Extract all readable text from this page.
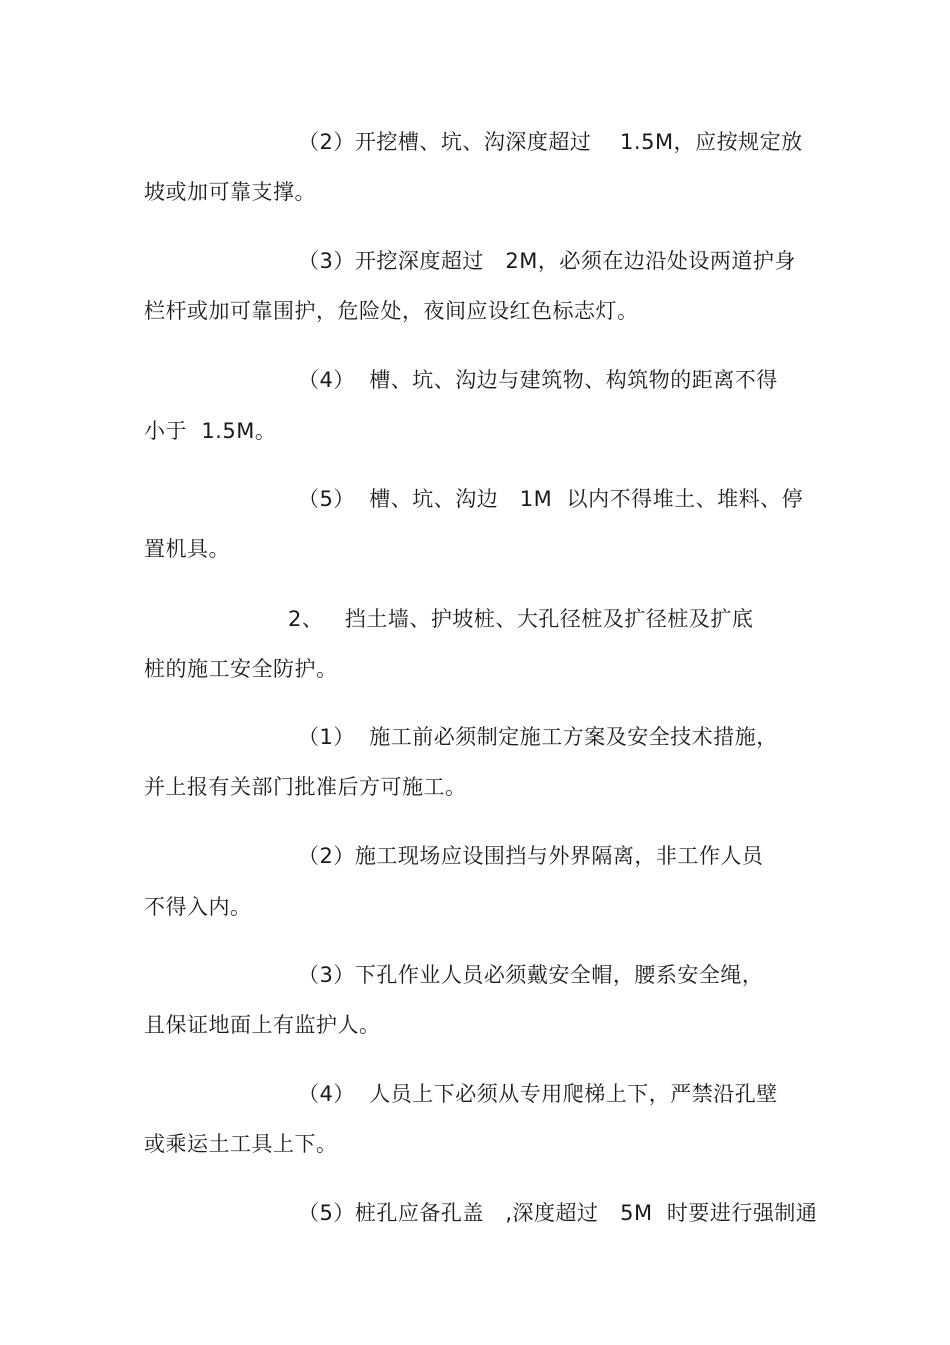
（2）开挖槽、坑、沟深度超过    1.5M，应按规定放
坡或加可靠支撑。
（3）开挖深度超过   2M，必须在边沿处设两道护身
栏杆或加可靠围护，危险处，夜间应设红色标志灯。
（4）  槽、坑、沟边与建筑物、构筑物的距离不得
小于  1.5M。
（5）  槽、坑、沟边   1M  以内不得堆土、堆料、停
置机具。
2、   挡土墙、护坡桩、大孔径桩及扩径桩及扩底
桩的施工安全防护。
（1）  施工前必须制定施工方案及安全技术措施，
并上报有关部门批准后方可施工。
（2）施工现场应设围挡与外界隔离，非工作人员
不得入内。
（3）下孔作业人员必须戴安全帽，腰系安全绳，
且保证地面上有监护人。
（4）  人员上下必须从专用爬梯上下，严禁沿孔壁
或乘运土工具上下。
（5）桩孔应备孔盖   ,深度超过   5M  时要进行强制通
